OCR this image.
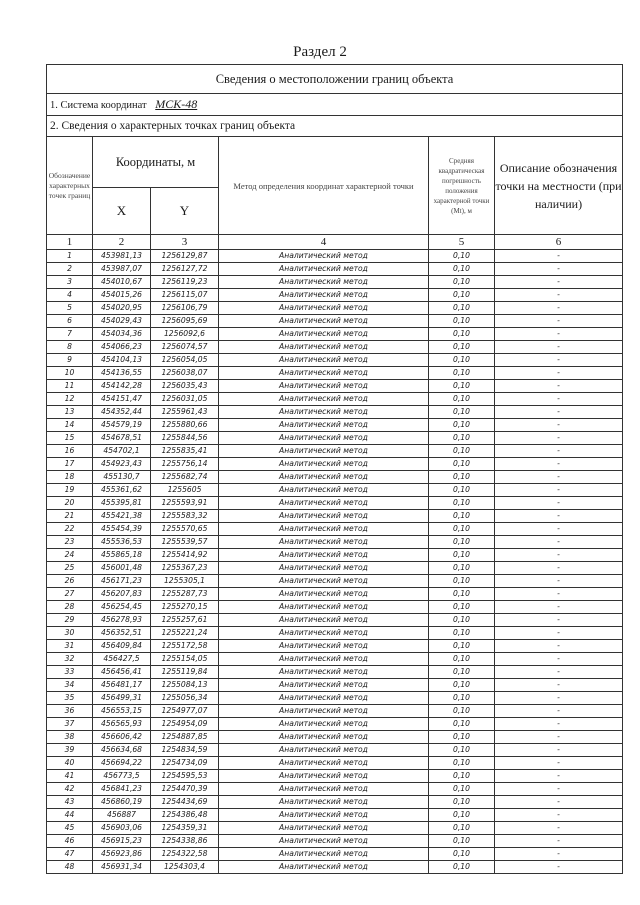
Раздел 2
Сведения о местоположении границ объекта					
1. Система координат МСК-48					
2. Сведения о характерных точках границ объекта					
Обозначение характерных точек границ	Координаты, м		Метод определения координат характерной точки	Средняя квадратическая погрешность положения характерной точки (Mt), м	Описание обозначения точки на местности (при наличии)
	X	Y			
1	2	3	4	5	6
1	453981,13	1256129,87	Аналитический метод	0,10	-
2	453987,07	1256127,72	Аналитический метод	0,10	-
3	454010,67	1256119,23	Аналитический метод	0,10	-
4	454015,26	1256115,07	Аналитический метод	0,10	-
5	454020,95	1256106,79	Аналитический метод	0,10	-
6	454029,43	1256095,69	Аналитический метод	0,10	-
7	454034,36	1256092,6	Аналитический метод	0,10	-
8	454066,23	1256074,57	Аналитический метод	0,10	-
9	454104,13	1256054,05	Аналитический метод	0,10	-
10	454136,55	1256038,07	Аналитический метод	0,10	-
11	454142,28	1256035,43	Аналитический метод	0,10	-
12	454151,47	1256031,05	Аналитический метод	0,10	-
13	454352,44	1255961,43	Аналитический метод	0,10	-
14	454579,19	1255880,66	Аналитический метод	0,10	-
15	454678,51	1255844,56	Аналитический метод	0,10	-
16	454702,1	1255835,41	Аналитический метод	0,10	-
17	454923,43	1255756,14	Аналитический метод	0,10	-
18	455130,7	1255682,74	Аналитический метод	0,10	-
19	455361,62	1255605	Аналитический метод	0,10	-
20	455395,81	1255593,91	Аналитический метод	0,10	-
21	455421,38	1255583,32	Аналитический метод	0,10	-
22	455454,39	1255570,65	Аналитический метод	0,10	-
23	455536,53	1255539,57	Аналитический метод	0,10	-
24	455865,18	1255414,92	Аналитический метод	0,10	-
25	456001,48	1255367,23	Аналитический метод	0,10	-
26	456171,23	1255305,1	Аналитический метод	0,10	-
27	456207,83	1255287,73	Аналитический метод	0,10	-
28	456254,45	1255270,15	Аналитический метод	0,10	-
29	456278,93	1255257,61	Аналитический метод	0,10	-
30	456352,51	1255221,24	Аналитический метод	0,10	-
31	456409,84	1255172,58	Аналитический метод	0,10	-
32	456427,5	1255154,05	Аналитический метод	0,10	-
33	456456,41	1255119,84	Аналитический метод	0,10	-
34	456481,17	1255084,13	Аналитический метод	0,10	-
35	456499,31	1255056,34	Аналитический метод	0,10	-
36	456553,15	1254977,07	Аналитический метод	0,10	-
37	456565,93	1254954,09	Аналитический метод	0,10	-
38	456606,42	1254887,85	Аналитический метод	0,10	-
39	456634,68	1254834,59	Аналитический метод	0,10	-
40	456694,22	1254734,09	Аналитический метод	0,10	-
41	456773,5	1254595,53	Аналитический метод	0,10	-
42	456841,23	1254470,39	Аналитический метод	0,10	-
43	456860,19	1254434,69	Аналитический метод	0,10	-
44	456887	1254386,48	Аналитический метод	0,10	-
45	456903,06	1254359,31	Аналитический метод	0,10	-
46	456915,23	1254338,86	Аналитический метод	0,10	-
47	456923,86	1254322,58	Аналитический метод	0,10	-
48	456931,34	1254303,4	Аналитический метод	0,10	-
